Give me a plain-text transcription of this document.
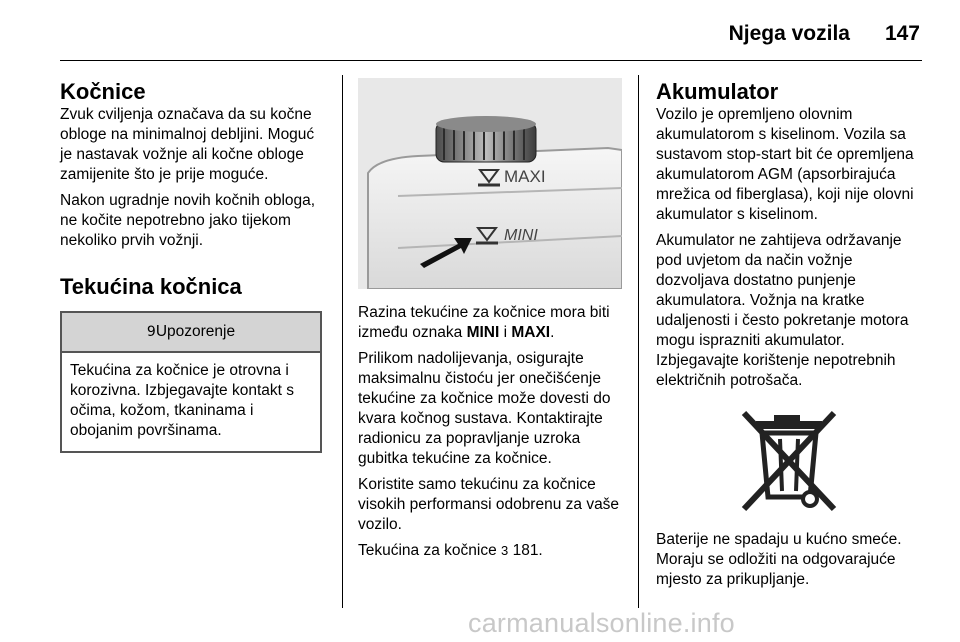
Njega vozila 147
Kočnice

Zvuk cviljenja označava da su kočne obloge na minimalnoj debljini. Moguć je nastavak vožnje ali kočne obloge zamijenite što je prije moguće.

Nakon ugradnje novih kočnih obloga, ne kočite nepotrebno jako tijekom nekoliko prvih vožnji.

Tekućina kočnica
9Upozorenje
Tekućina za kočnice je otrovna i korozivna. Izbjegavajte kontakt s očima, kožom, tkaninama i obojanim površinama.
MAXI
MINI

Razina tekućine za kočnice mora biti između oznaka MINI i MAXI.

Prilikom nadolijevanja, osigurajte maksimalnu čistoću jer onečišćenje tekućine za kočnice može dovesti do kvara kočnog sustava. Kontaktirajte radionicu za popravljanje uzroka gubitka tekućine za kočnice.

Koristite samo tekućinu za kočnice visokih performansi odobrenu za vaše vozilo.

Tekućina za kočnice 3 181.

Akumulator

Vozilo je opremljeno olovnim akumulatorom s kiselinom. Vozila sa sustavom stop-start bit će opremljena akumulatorom AGM (apsorbirajuća mrežica od fiberglasa), koji nije olovni akumulator s kiselinom.

Akumulator ne zahtijeva održavanje pod uvjetom da način vožnje dozvoljava dostatno punjenje akumulatora. Vožnja na kratke udaljenosti i često pokretanje motora mogu isprazniti akumulator.

Izbjegavajte korištenje nepotrebnih električnih potrošača.

Baterije ne spadaju u kućno smeće. Moraju se odložiti na odgovarajuće mjesto za prikupljanje.

carmanualsonline.info
